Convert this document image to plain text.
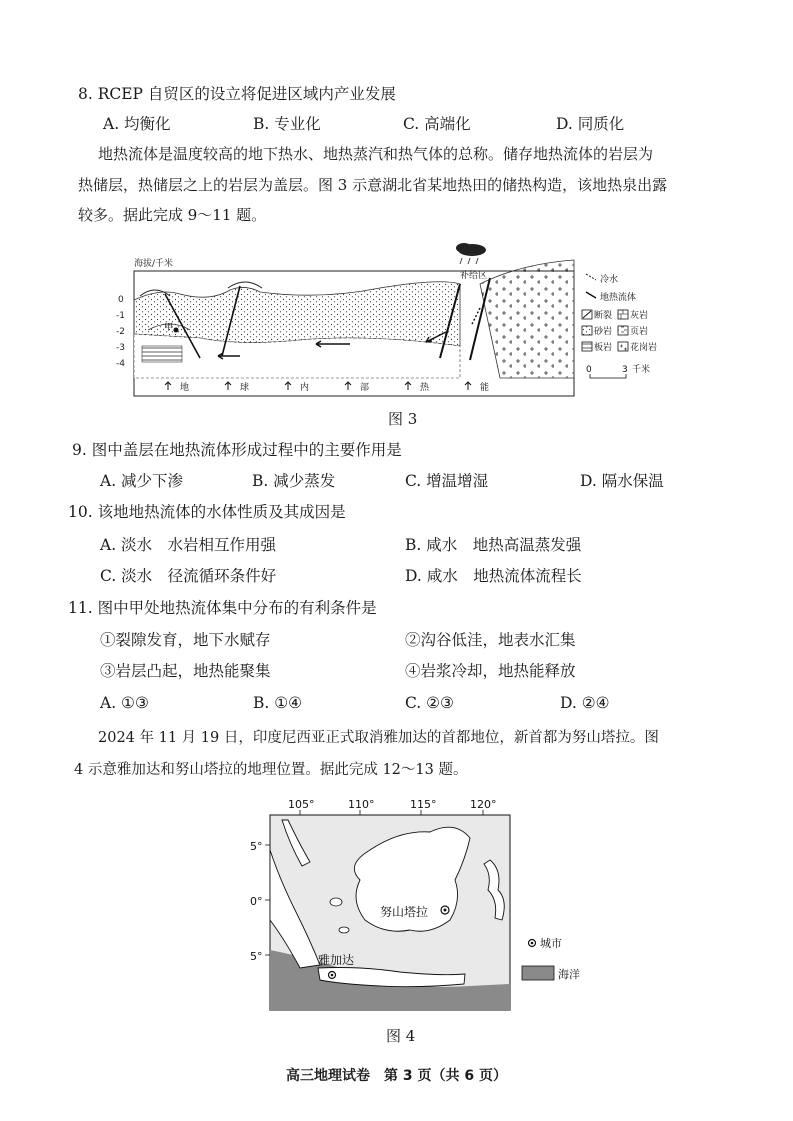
8. RCEP 自贸区的设立将促进区域内产业发展
A. 均衡化	B. 专业化	C. 高端化	D. 同质化
地热流体是温度较高的地下热水、地热蒸汽和热气体的总称。储存地热流体的岩层为
热储层，热储层之上的岩层为盖层。图 3 示意湖北省某地热田的储热构造，该地热泉出露
较多。据此完成 9～11 题。
海拔/千米
0
-1
-2
-3
-4
甲
补给区
地	球	内	部	热	能
冷水
地热流体
断裂 灰岩
砂岩 页岩
板岩 花岗岩
0	3 千米
图 3
9. 图中盖层在地热流体形成过程中的主要作用是
A. 减少下渗	B. 减少蒸发	C. 增温增湿	D. 隔水保温
10. 该地地热流体的水体性质及其成因是
A. 淡水　水岩相互作用强	B. 咸水　地热高温蒸发强
C. 淡水　径流循环条件好	D. 咸水　地热流体流程长
11. 图中甲处地热流体集中分布的有利条件是
①裂隙发育，地下水赋存	②沟谷低洼，地表水汇集
③岩层凸起，地热能聚集	④岩浆冷却，地热能释放
A. ①③	B. ①④	C. ②③	D. ②④
2024 年 11 月 19 日，印度尼西亚正式取消雅加达的首都地位，新首都为努山塔拉。图
4 示意雅加达和努山塔拉的地理位置。据此完成 12～13 题。
105°	110°	115°	120°
5°
0°
5°
努山塔拉
雅加达
城市
海洋
图 4
高三地理试卷　第 3 页（共 6 页）
